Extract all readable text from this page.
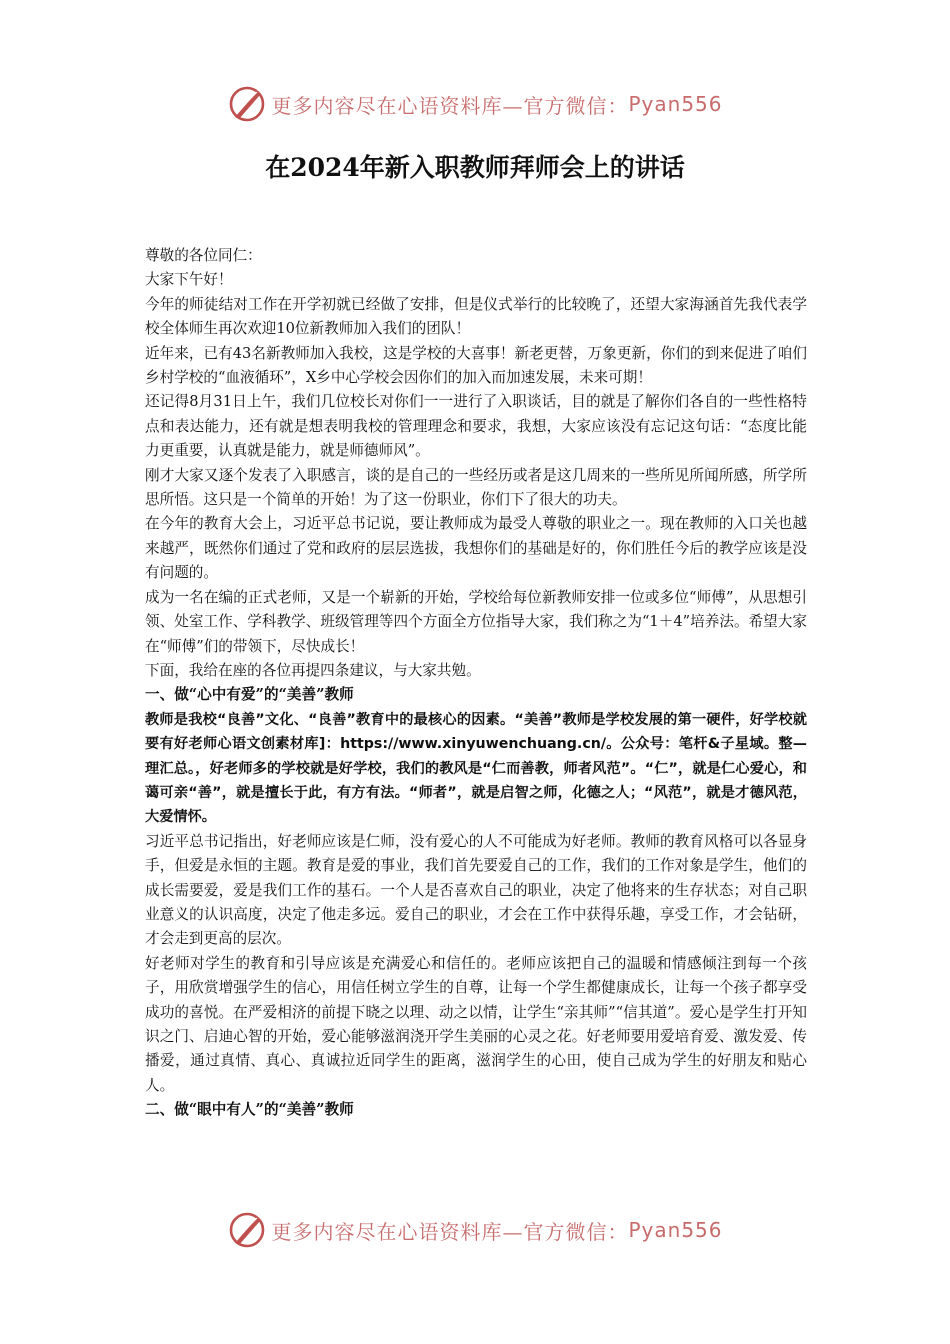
更多内容尽在心语资料库—官方微信： Pyan556
在2024年新入职教师拜师会上的讲话

尊敬的各位同仁：

大家下午好！

今年的师徒结对工作在开学初就已经做了安排，但是仪式举行的比较晚了，还望大家海涵首先我代表学校全体师生再次欢迎10位新教师加入我们的团队！

近年来，已有43名新教师加入我校，这是学校的大喜事！新老更替，万象更新，你们的到来促进了咱们乡村学校的“血液循环”，X乡中心学校会因你们的加入而加速发展，未来可期！

还记得8月31日上午，我们几位校长对你们一一进行了入职谈话，目的就是了解你们各自的一些性格特点和表达能力，还有就是想表明我校的管理理念和要求，我想，大家应该没有忘记这句话：“态度比能力更重要，认真就是能力，就是师德师风”。

刚才大家又逐个发表了入职感言，谈的是自己的一些经历或者是这几周来的一些所见所闻所感，所学所思所悟。这只是一个简单的开始！为了这一份职业，你们下了很大的功夫。

在今年的教育大会上，习近平总书记说，要让教师成为最受人尊敬的职业之一。现在教师的入口关也越来越严，既然你们通过了党和政府的层层选拔，我想你们的基础是好的，你们胜任今后的教学应该是没有问题的。

成为一名在编的正式老师，又是一个崭新的开始，学校给每位新教师安排一位或多位“师傅”，从思想引领、处室工作、学科教学、班级管理等四个方面全方位指导大家，我们称之为“1＋4”培养法。希望大家在“师傅”们的带领下，尽快成长！

下面，我给在座的各位再提四条建议，与大家共勉。

一、做“心中有爱”的“美善”教师

教师是我校“良善”文化、“良善”教育中的最核心的因素。“美善”教师是学校发展的第一硬件，好学校就要有好老师心语文创素材库]：https://www.xinyuwenchuang.cn/。公众号：笔杆&子星域。整—理汇总。，好老师多的学校就是好学校，我们的教风是“仁而善教，师者风范”。“仁”，就是仁心爱心，和蔼可亲“善”，就是擅长于此，有方有法。“师者”，就是启智之师，化德之人；“风范”，就是才德风范，大爱情怀。

习近平总书记指出，好老师应该是仁师，没有爱心的人不可能成为好老师。教师的教育风格可以各显身手，但爱是永恒的主题。教育是爱的事业，我们首先要爱自己的工作，我们的工作对象是学生，他们的成长需要爱，爱是我们工作的基石。一个人是否喜欢自己的职业，决定了他将来的生存状态；对自己职业意义的认识高度，决定了他走多远。爱自己的职业，才会在工作中获得乐趣，享受工作，才会钻研，才会走到更高的层次。

好老师对学生的教育和引导应该是充满爱心和信任的。老师应该把自己的温暖和情感倾注到每一个孩子，用欣赏增强学生的信心，用信任树立学生的自尊，让每一个学生都健康成长，让每一个孩子都享受成功的喜悦。在严爱相济的前提下晓之以理、动之以情，让学生“亲其师”“信其道”。爱心是学生打开知识之门、启迪心智的开始，爱心能够滋润浇开学生美丽的心灵之花。好老师要用爱培育爱、激发爱、传播爱，通过真情、真心、真诚拉近同学生的距离，滋润学生的心田，使自己成为学生的好朋友和贴心人。

二、做“眼中有人”的“美善”教师

更多内容尽在心语资料库—官方微信： Pyan556
